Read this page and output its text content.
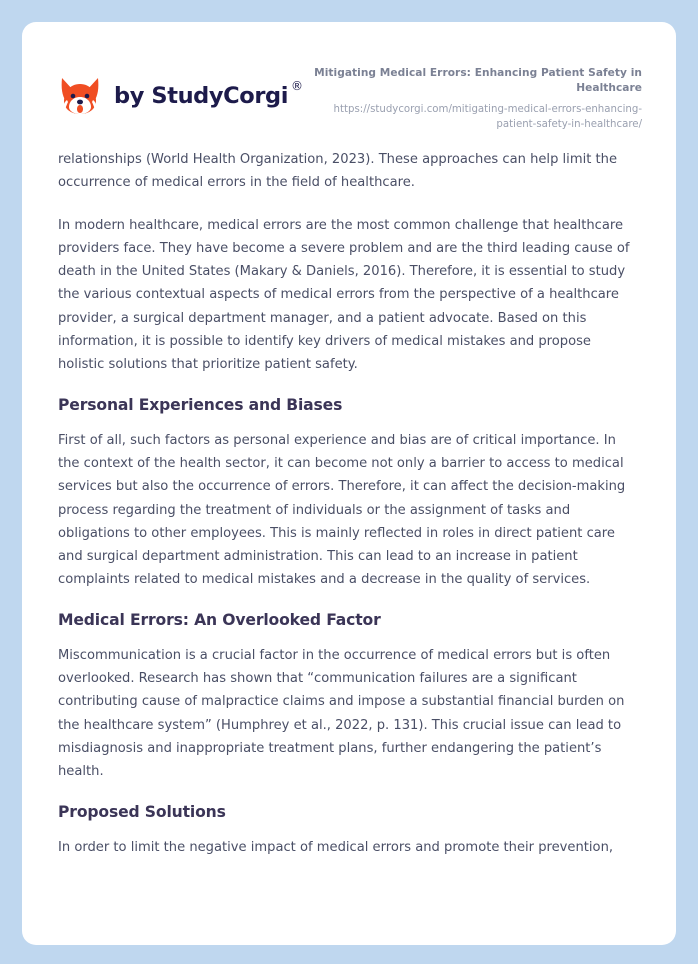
by StudyCorgi ®
Mitigating Medical Errors: Enhancing Patient Safety in Healthcare
https://studycorgi.com/mitigating-medical-errors-enhancing-patient-safety-in-healthcare/

relationships (World Health Organization, 2023). These approaches can help limit the occurrence of medical errors in the field of healthcare.

In modern healthcare, medical errors are the most common challenge that healthcare providers face. They have become a severe problem and are the third leading cause of death in the United States (Makary & Daniels, 2016). Therefore, it is essential to study the various contextual aspects of medical errors from the perspective of a healthcare provider, a surgical department manager, and a patient advocate. Based on this information, it is possible to identify key drivers of medical mistakes and propose holistic solutions that prioritize patient safety.

Personal Experiences and Biases

First of all, such factors as personal experience and bias are of critical importance. In the context of the health sector, it can become not only a barrier to access to medical services but also the occurrence of errors. Therefore, it can affect the decision-making process regarding the treatment of individuals or the assignment of tasks and obligations to other employees. This is mainly reflected in roles in direct patient care and surgical department administration. This can lead to an increase in patient complaints related to medical mistakes and a decrease in the quality of services.

Medical Errors: An Overlooked Factor

Miscommunication is a crucial factor in the occurrence of medical errors but is often overlooked. Research has shown that “communication failures are a significant contributing cause of malpractice claims and impose a substantial financial burden on the healthcare system” (Humphrey et al., 2022, p. 131). This crucial issue can lead to misdiagnosis and inappropriate treatment plans, further endangering the patient’s health.

Proposed Solutions

In order to limit the negative impact of medical errors and promote their prevention,
